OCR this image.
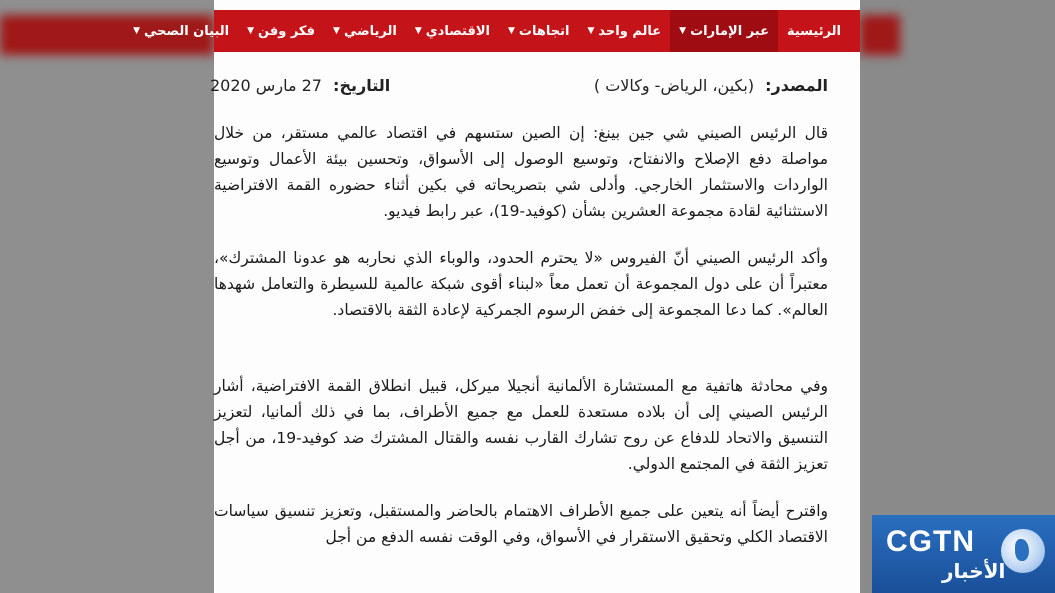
الرئيسية
عبر الإمارات
▼
عالم واحد
▼
اتجاهات
▼
الاقتصادي
▼
الرياضي
▼
فكر وفن
▼
البيان الصحي
▼
المصدر: (بكين، الرياض- وكالات )
التاريخ: 27 مارس 2020

قال الرئيس الصيني شي جين بينغ: إن الصين ستسهم في اقتصاد عالمي مستقر، من خلال مواصلة دفع الإصلاح والانفتاح، وتوسيع الوصول إلى الأسواق، وتحسين بيئة الأعمال وتوسيع الواردات والاستثمار الخارجي. وأدلى شي بتصريحاته في بكين أثناء حضوره القمة الافتراضية الاستثنائية لقادة مجموعة العشرين بشأن (كوفيد-19)، عبر رابط فيديو.

وأكد الرئيس الصيني أنّ الفيروس «لا يحترم الحدود، والوباء الذي نحاربه هو عدونا المشترك»، معتبراً أن على دول المجموعة أن تعمل معاً «لبناء أقوى شبكة عالمية للسيطرة والتعامل شهدها العالم». كما دعا المجموعة إلى خفض الرسوم الجمركية لإعادة الثقة بالاقتصاد.

وفي محادثة هاتفية مع المستشارة الألمانية أنجيلا ميركل، قبيل انطلاق القمة الافتراضية، أشار الرئيس الصيني إلى أن بلاده مستعدة للعمل مع جميع الأطراف، بما في ذلك ألمانيا، لتعزيز التنسيق والاتحاد للدفاع عن روح تشارك القارب نفسه والقتال المشترك ضد كوفيد-19، من أجل تعزيز الثقة في المجتمع الدولي.

واقترح أيضاً أنه يتعين على جميع الأطراف الاهتمام بالحاضر والمستقبل، وتعزيز تنسيق سياسات الاقتصاد الكلي وتحقيق الاستقرار في الأسواق، وفي الوقت نفسه الدفع من أجل CGTN
الأخبار
